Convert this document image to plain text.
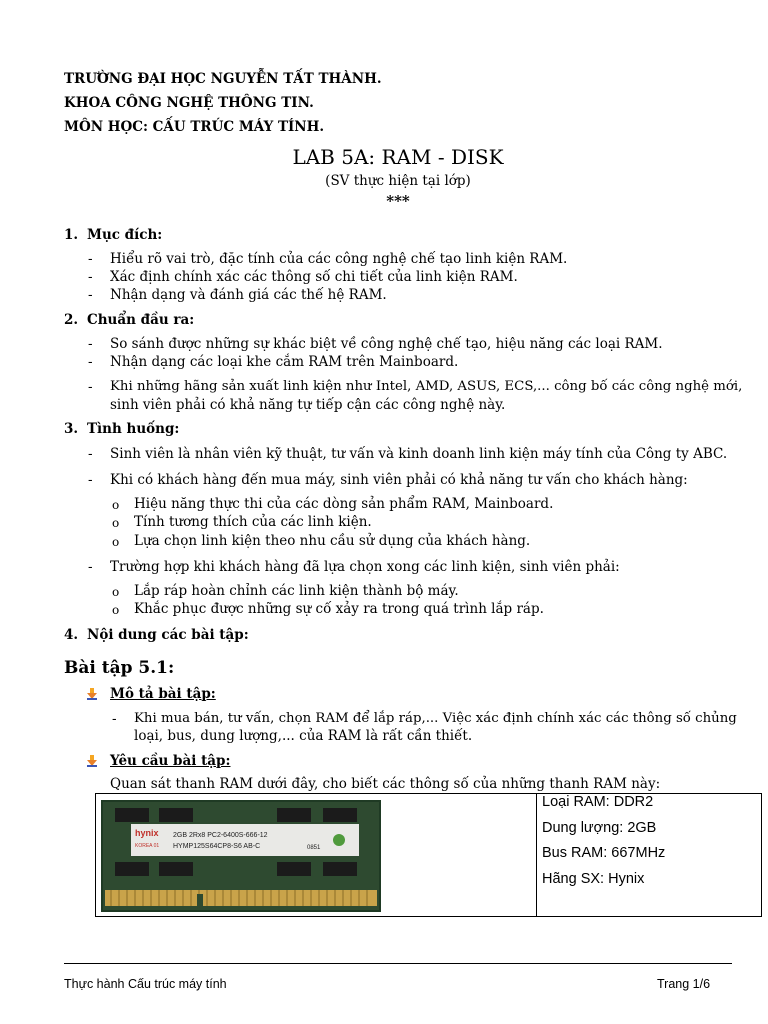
TRƯỜNG ĐẠI HỌC NGUYỄN TẤT THÀNH.
KHOA CÔNG NGHỆ THÔNG TIN.
MÔN HỌC: CẤU TRÚC MÁY TÍNH.
LAB 5A: RAM - DISK
(SV thực hiện tại lớp)
***
1. Mục đích:
- Hiểu rõ vai trò, đặc tính của các công nghệ chế tạo linh kiện RAM.
- Xác định chính xác các thông số chi tiết của linh kiện RAM.
- Nhận dạng và đánh giá các thế hệ RAM.
2. Chuẩn đầu ra:
- So sánh được những sự khác biệt về công nghệ chế tạo, hiệu năng các loại RAM.
- Nhận dạng các loại khe cắm RAM trên Mainboard.
- Khi những hãng sản xuất linh kiện như Intel, AMD, ASUS, ECS,... công bố các công nghệ mới,
sinh viên phải có khả năng tự tiếp cận các công nghệ này.
3. Tình huống:
- Sinh viên là nhân viên kỹ thuật, tư vấn và kinh doanh linh kiện máy tính của Công ty ABC.
- Khi có khách hàng đến mua máy, sinh viên phải có khả năng tư vấn cho khách hàng:
o Hiệu năng thực thi của các dòng sản phẩm RAM, Mainboard.
o Tính tương thích của các linh kiện.
o Lựa chọn linh kiện theo nhu cầu sử dụng của khách hàng.
- Trường hợp khi khách hàng đã lựa chọn xong các linh kiện, sinh viên phải:
o Lắp ráp hoàn chỉnh các linh kiện thành bộ máy.
o Khắc phục được những sự cố xảy ra trong quá trình lắp ráp.
4. Nội dung các bài tập:
Bài tập 5.1:
Mô tả bài tập:
- Khi mua bán, tư vấn, chọn RAM để lắp ráp,... Việc xác định chính xác các thông số chủng
loại, bus, dung lượng,... của RAM là rất cần thiết.
Yêu cầu bài tập:
Quan sát thanh RAM dưới đây, cho biết các thông số của những thanh RAM này:

hynix
KOREA 01
2GB 2Rx8 PC2-6400S-666-12
HYMP125S64CP8-S6 AB-C	0851
Loại RAM: DDR2
Dung lượng: 2GB
Bus RAM: 667MHz
Hãng SX: Hynix
Thực hành Cấu trúc máy tính	Trang 1/6
